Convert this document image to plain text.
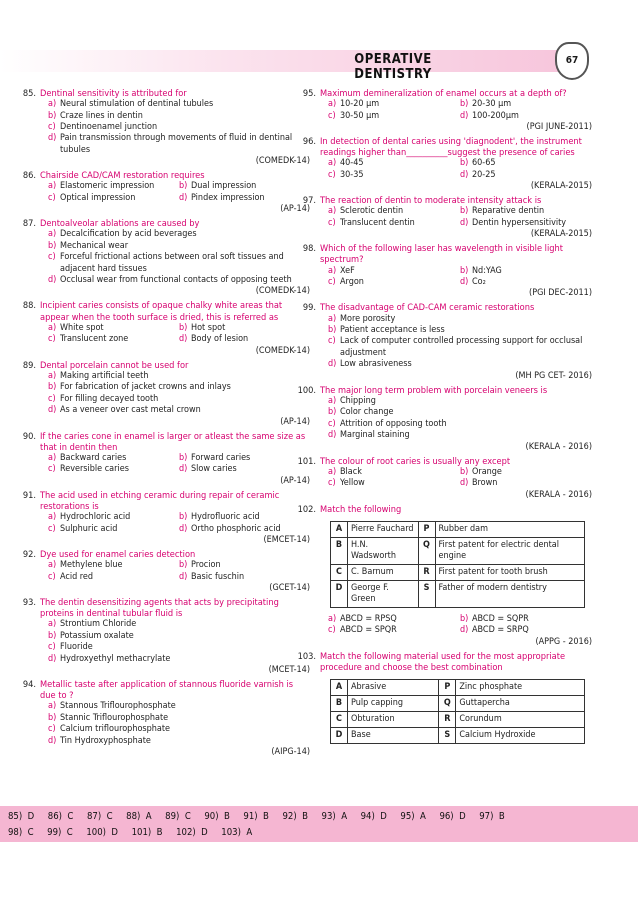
OPERATIVE DENTISTRY
67
85. Dentinal sensitivity is attributed for
a) Neural stimulation of dentinal tubules
b) Craze lines in dentin
c) Dentinoenamel junction
d) Pain transmission through movements of fluid in dentinal tubules
(COMEDK-14)
86. Chairside CAD/CAM restoration requires
a) Elastomeric impression	b) Dual impression
c) Optical impression	d) Pindex impression
(AP-14)
87. Dentoalveolar ablations are caused by
a) Decalcification by acid beverages
b) Mechanical wear
c) Forceful frictional actions between oral soft tissues and adjacent hard tissues
d) Occlusal wear from functional contacts of opposing teeth
(COMEDK-14)
88. Incipient caries consists of opaque chalky white areas that appear when the tooth surface is dried, this is referred as
a) White spot	b) Hot spot
c) Translucent zone	d) Body of lesion
(COMEDK-14)
89. Dental porcelain cannot be used for
a) Making artificial teeth
b) For fabrication of jacket crowns and inlays
c) For filling decayed tooth
d) As a veneer over cast metal crown
(AP-14)
90. If the caries cone in enamel is larger or atleast the same size as that in dentin then
a) Backward caries	b) Forward caries
c) Reversible caries	d) Slow caries
(AP-14)
91. The acid used in etching ceramic during repair of ceramic restorations is
a) Hydrochloric acid	b) Hydrofluoric acid
c) Sulphuric acid	d) Ortho phosphoric acid
(EMCET-14)
92. Dye used for enamel caries detection
a) Methylene blue	b) Procion
c) Acid red	d) Basic fuschin
(GCET-14)
93. The dentin desensitizing agents that acts by precipitating proteins in dentinal tubular fluid is
a) Strontium Chloride
b) Potassium oxalate
c) Fluoride
d) Hydroxyethyl methacrylate
(MCET-14)
94. Metallic taste after application of stannous fluoride varnish is due to ?
a) Stannous Triflourophosphate
b) Stannic Triflourophosphate
c) Calcium triflourophosphate
d) Tin Hydroxyphosphate
(AIPG-14)
95. Maximum demineralization of enamel occurs at a depth of?
a) 10-20 µm	b) 20-30 µm
c) 30-50 µm	d) 100-200µm
(PGI JUNE-2011)
96. In detection of dental caries using 'diagnodent', the instrument readings higher than__________suggest the presence of caries
a) 40-45	b) 60-65
c) 30-35	d) 20-25
(KERALA-2015)
97. The reaction of dentin to moderate intensity attack is
a) Sclerotic dentin	b) Reparative dentin
c) Translucent dentin	d) Dentin hypersensitivity
(KERALA-2015)
98. Which of the following laser has wavelength in visible light spectrum?
a) XeF	b) Nd:YAG
c) Argon	d) Co₂
(PGI DEC-2011)
99. The disadvantage of CAD-CAM ceramic restorations
a) More porosity
b) Patient acceptance is less
c) Lack of computer controlled processing support for occlusal adjustment
d) Low abrasiveness
(MH PG CET- 2016)
100. The major long term problem with porcelain veneers is
a) Chipping
b) Color change
c) Attrition of opposing tooth
d) Marginal staining
(KERALA - 2016)
101. The colour of root caries is usually any except
a) Black	b) Orange
c) Yellow	d) Brown
(KERALA - 2016)
102. Match the following
A	Pierre Fauchard	P	Rubber dam
B	H.N. Wadsworth	Q	First patent for electric dental engine
C	C. Barnum	R	First patent for tooth brush
D	George F. Green	S	Father of modern dentistry
a) ABCD = RPSQ	b) ABCD = SQPR
c) ABCD = SPQR	d) ABCD = SRPQ
(APPG - 2016)
103. Match the following material used for the most appropriate procedure and choose the best combination
A	Abrasive	P	Zinc phosphate
B	Pulp capping	Q	Guttapercha
C	Obturation	R	Corundum
D	Base	S	Calcium Hydroxide
85)  D     86)  C     87)  C     88)  A     89)  C     90)  B     91)  B     92)  B     93)  A     94)  D     95)  A     96)  D     97)  B
98)  C     99)  C     100)  D     101)  B     102)  D     103)  A
